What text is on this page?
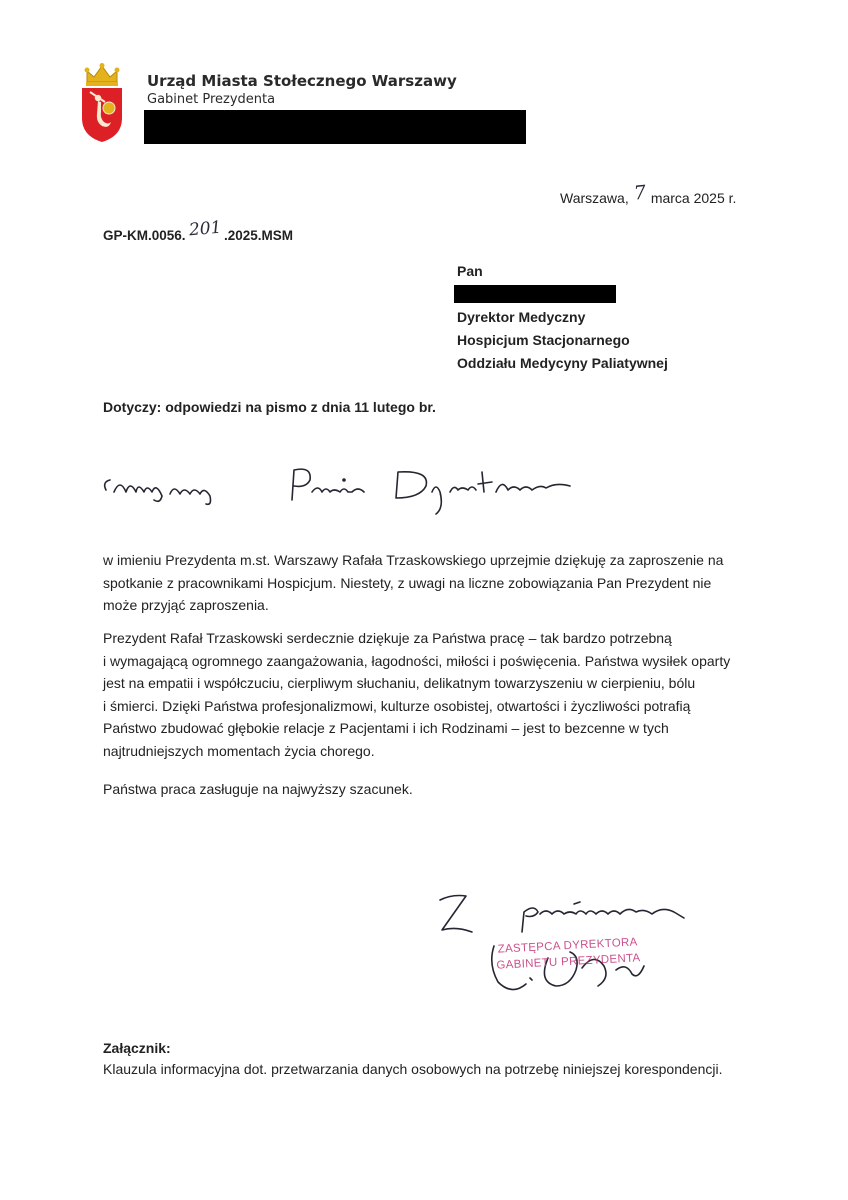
Urząd Miasta Stołecznego Warszawy
Gabinet Prezydenta
Warszawa, 7 marca 2025 r.
GP-KM.0056. 201 .2025.MSM
Pan
Dyrektor Medyczny
Hospicjum Stacjonarnego
Oddziału Medycyny Paliatywnej
Dotyczy: odpowiedzi na pismo z dnia 11 lutego br.
w imieniu Prezydenta m.st. Warszawy Rafała Trzaskowskiego uprzejmie dziękuję za zaproszenie na
spotkanie z pracownikami Hospicjum. Niestety, z uwagi na liczne zobowiązania Pan Prezydent nie
może przyjąć zaproszenia.
Prezydent Rafał Trzaskowski serdecznie dziękuje za Państwa pracę – tak bardzo potrzebną
i wymagającą ogromnego zaangażowania, łagodności, miłości i poświęcenia. Państwa wysiłek oparty
jest na empatii i współczuciu, cierpliwym słuchaniu, delikatnym towarzyszeniu w cierpieniu, bólu
i śmierci. Dzięki Państwa profesjonalizmowi, kulturze osobistej, otwartości i życzliwości potrafią
Państwo zbudować głębokie relacje z Pacjentami i ich Rodzinami – jest to bezcenne w tych
najtrudniejszych momentach życia chorego.
Państwa praca zasługuje na najwyższy szacunek.
ZASTĘPCA DYREKTORA
GABINETU PREZYDENTA
Załącznik:
Klauzula informacyjna dot. przetwarzania danych osobowych na potrzebę niniejszej korespondencji.
